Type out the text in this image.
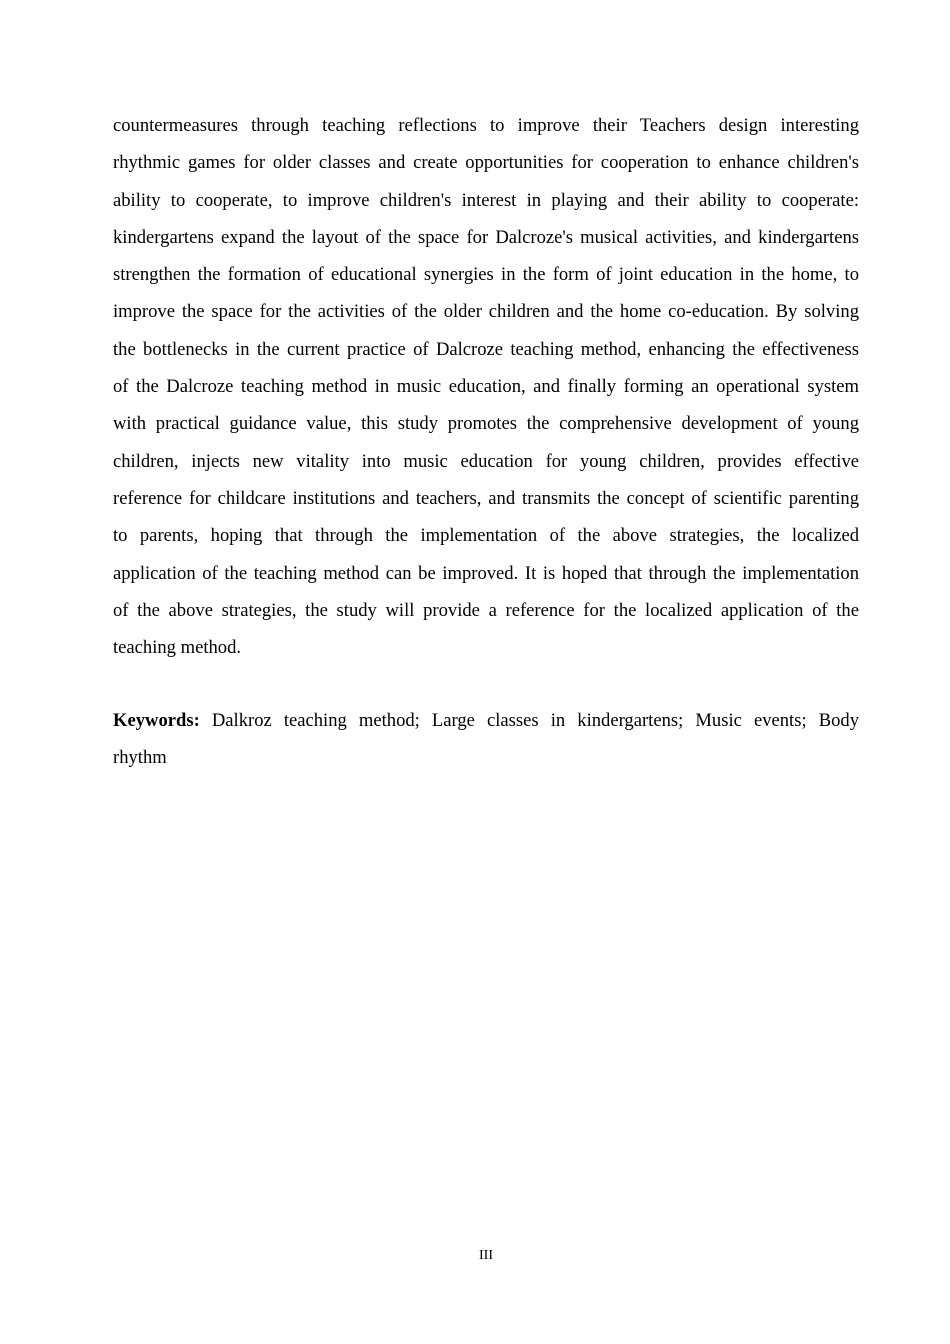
countermeasures through teaching reflections to improve their Teachers design interesting
rhythmic games for older classes and create opportunities for cooperation to enhance children's
ability to cooperate, to improve children's interest in playing and their ability to cooperate:
kindergartens expand the layout of the space for Dalcroze's musical activities, and kindergartens
strengthen the formation of educational synergies in the form of joint education in the home, to
improve the space for the activities of the older children and the home co-education. By solving
the bottlenecks in the current practice of Dalcroze teaching method, enhancing the effectiveness
of the Dalcroze teaching method in music education, and finally forming an operational system
with practical guidance value, this study promotes the comprehensive development of young
children, injects new vitality into music education for young children, provides effective
reference for childcare institutions and teachers, and transmits the concept of scientific parenting
to parents, hoping that through the implementation of the above strategies, the localized
application of the teaching method can be improved. It is hoped that through the implementation
of the above strategies, the study will provide a reference for the localized application of the
teaching method.
Keywords: Dalkroz teaching method; Large classes in kindergartens; Music events; Body
rhythm
III
